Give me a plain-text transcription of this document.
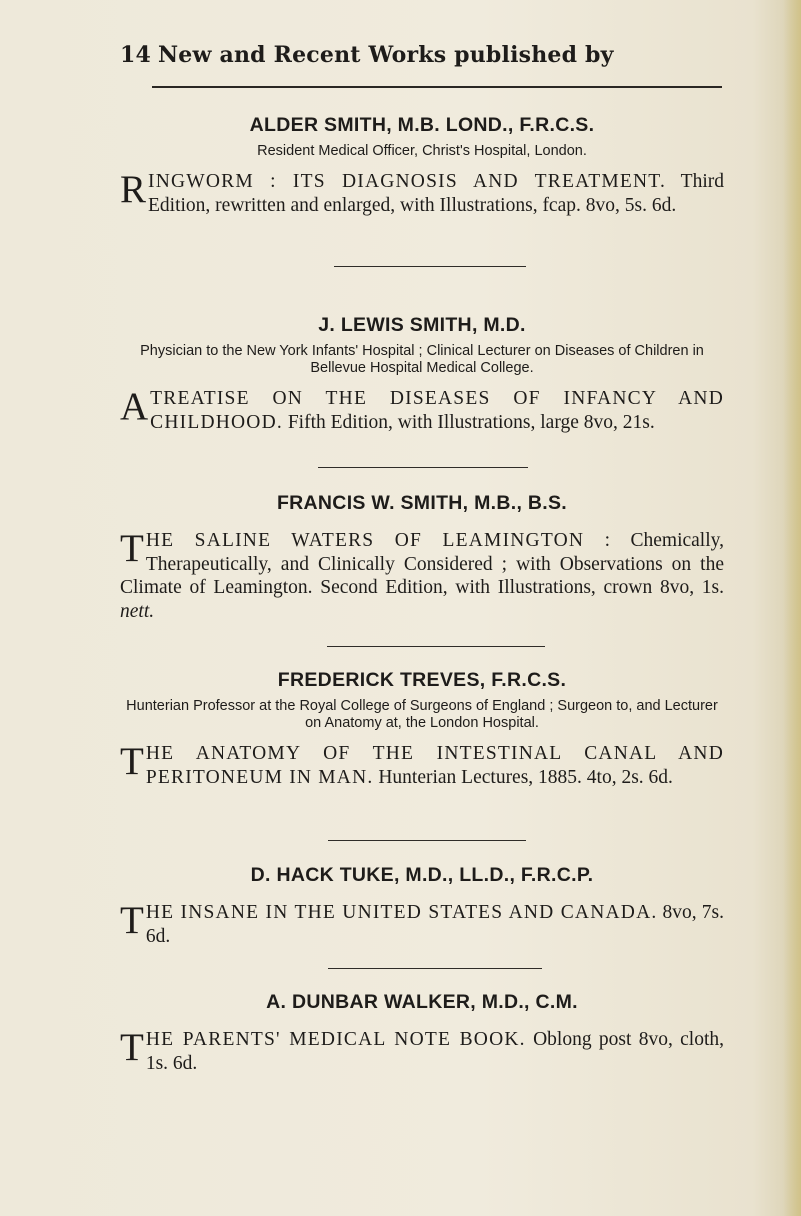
14 New and Recent Works published by
ALDER SMITH, M.B. LOND., F.R.C.S.
Resident Medical Officer, Christ's Hospital, London.
RINGWORM : ITS DIAGNOSIS AND TREATMENT. Third Edition, rewritten and enlarged, with Illustrations, fcap. 8vo, 5s. 6d.
J. LEWIS SMITH, M.D.
Physician to the New York Infants' Hospital ; Clinical Lecturer on Diseases of Children in Bellevue Hospital Medical College.
ATREATISE ON THE DISEASES OF INFANCY AND CHILDHOOD. Fifth Edition, with Illustrations, large 8vo, 21s.
FRANCIS W. SMITH, M.B., B.S.
THE SALINE WATERS OF LEAMINGTON : Chemically, Therapeutically, and Clinically Considered ; with Observations on the Climate of Leamington. Second Edition, with Illustrations, crown 8vo, 1s. nett.
FREDERICK TREVES, F.R.C.S.
Hunterian Professor at the Royal College of Surgeons of England ; Surgeon to, and Lecturer on Anatomy at, the London Hospital.
THE ANATOMY OF THE INTESTINAL CANAL AND PERITONEUM IN MAN. Hunterian Lectures, 1885. 4to, 2s. 6d.
D. HACK TUKE, M.D., LL.D., F.R.C.P.
THE INSANE IN THE UNITED STATES AND CANADA. 8vo, 7s. 6d.
A. DUNBAR WALKER, M.D., C.M.
THE PARENTS' MEDICAL NOTE BOOK. Oblong post 8vo, cloth, 1s. 6d.
